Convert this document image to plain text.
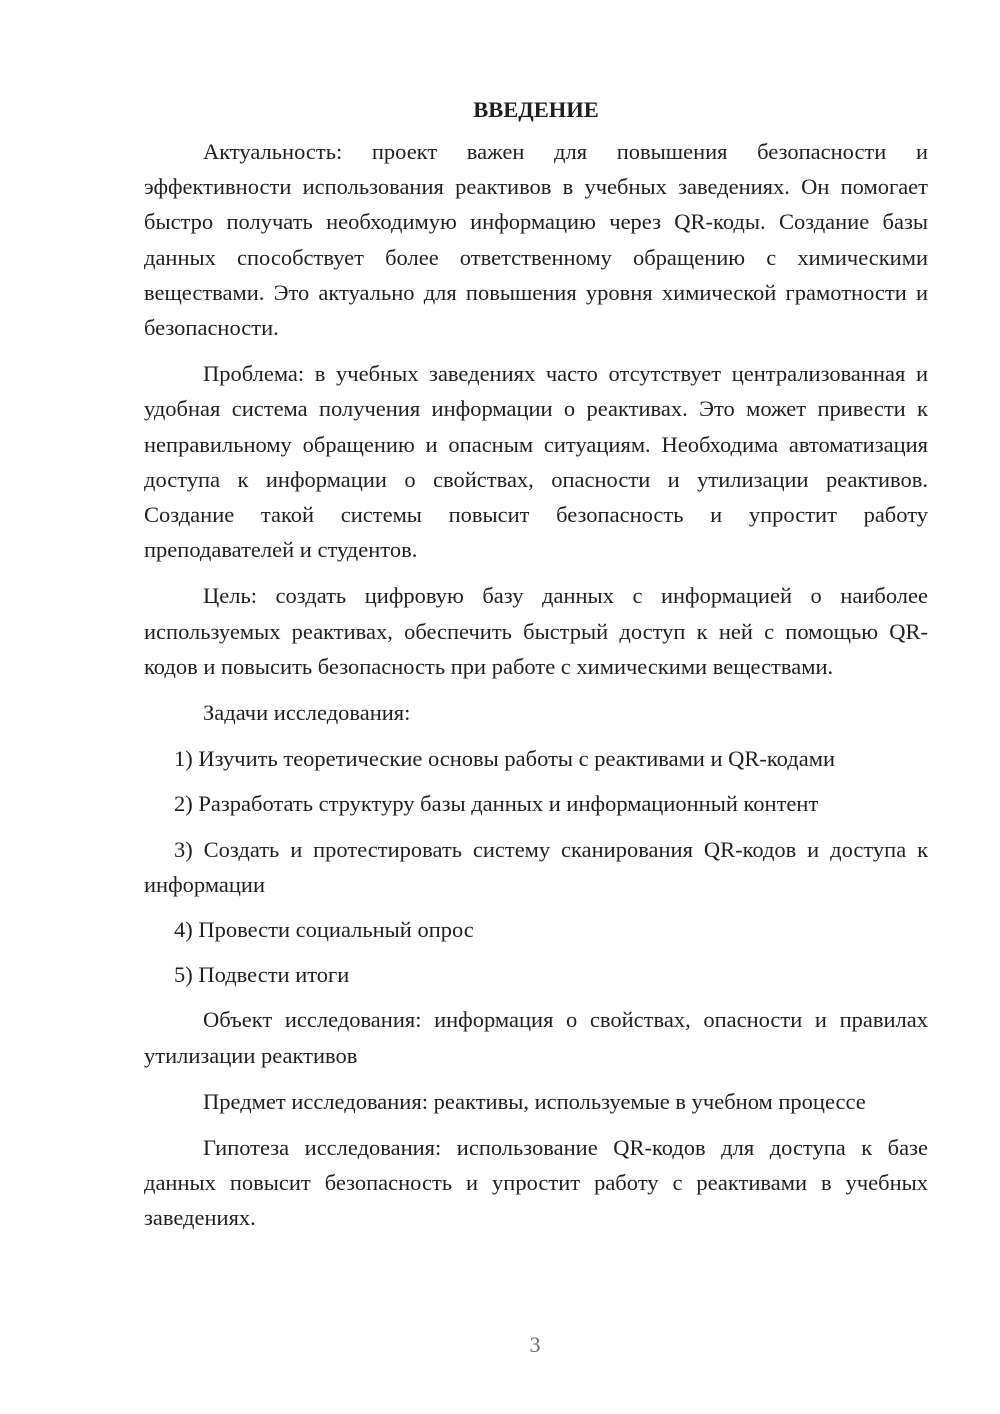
ВВЕДЕНИЕ

Актуальность: проект важен для повышения безопасности и эффективности использования реактивов в учебных заведениях. Он помогает быстро получать необходимую информацию через QR-коды. Создание базы данных способствует более ответственному обращению с химическими веществами. Это актуально для повышения уровня химической грамотности и безопасности.

Проблема: в учебных заведениях часто отсутствует централизованная и удобная система получения информации о реактивах. Это может привести к неправильному обращению и опасным ситуациям. Необходима автоматизация доступа к информации о свойствах, опасности и утилизации реактивов. Создание такой системы повысит безопасность и упростит работу преподавателей и студентов.

Цель: создать цифровую базу данных с информацией о наиболее используемых реактивах, обеспечить быстрый доступ к ней с помощью QR-кодов и повысить безопасность при работе с химическими веществами.

Задачи исследования:

1) Изучить теоретические основы работы с реактивами и QR-кодами

2) Разработать структуру базы данных и информационный контент

3) Создать и протестировать систему сканирования QR-кодов и доступа к информации

4) Провести социальный опрос

5) Подвести итоги

Объект исследования: информация о свойствах, опасности и правилах утилизации реактивов

Предмет исследования: реактивы, используемые в учебном процессе

Гипотеза исследования: использование QR-кодов для доступа к базе данных повысит безопасность и упростит работу с реактивами в учебных заведениях.

3
